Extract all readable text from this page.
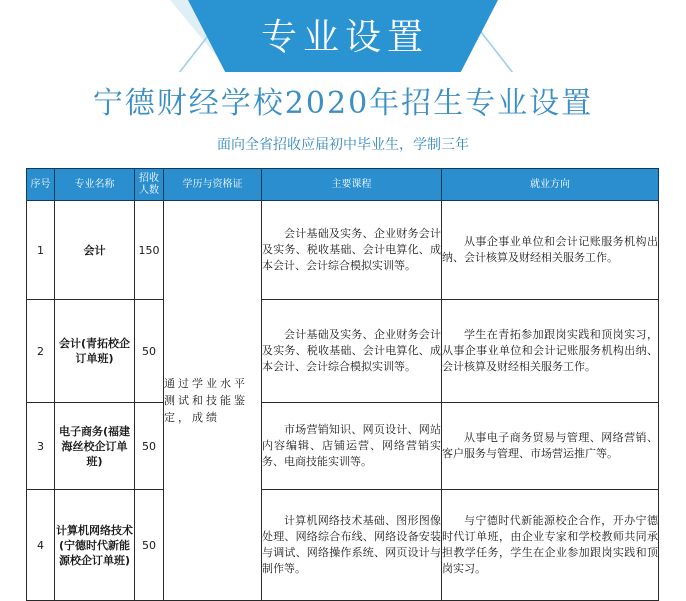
专业设置
宁德财经学校2020年招生专业设置
面向全省招收应届初中毕业生，学制三年
序号	专业名称	招收人数	学历与资格证	主要课程	就业方向
1	会计	150	通过学业水平测试和技能鉴定，成绩	会计基础及实务、企业财务会计及实务、税收基础、会计电算化、成本会计、会计综合模拟实训等。	从事企事业单位和会计记账服务机构出纳、会计核算及财经相关服务工作。

2	会计(青拓校企订单班)	50		会计基础及实务、企业财务会计及实务、税收基础、会计电算化、成本会计、会计综合模拟实训等。	学生在青拓参加跟岗实践和顶岗实习，从事企事业单位和会计记账服务机构出纳、会计核算及财经相关服务工作。

3	电子商务(福建海丝校企订单班)	50		市场营销知识、网页设计、网站内容编辑、店铺运营、网络营销实务、电商技能实训等。	从事电子商务贸易与管理、网络营销、客户服务与管理、市场营运推广等。

4	计算机网络技术(宁德时代新能源校企订单班)	50		计算机网络技术基础、图形图像处理、网络综合布线、网络设备安装与调试、网络操作系统、网页设计与制作等。	与宁德时代新能源校企合作，开办宁德时代订单班，由企业专家和学校教师共同承担教学任务，学生在企业参加跟岗实践和顶岗实习。
